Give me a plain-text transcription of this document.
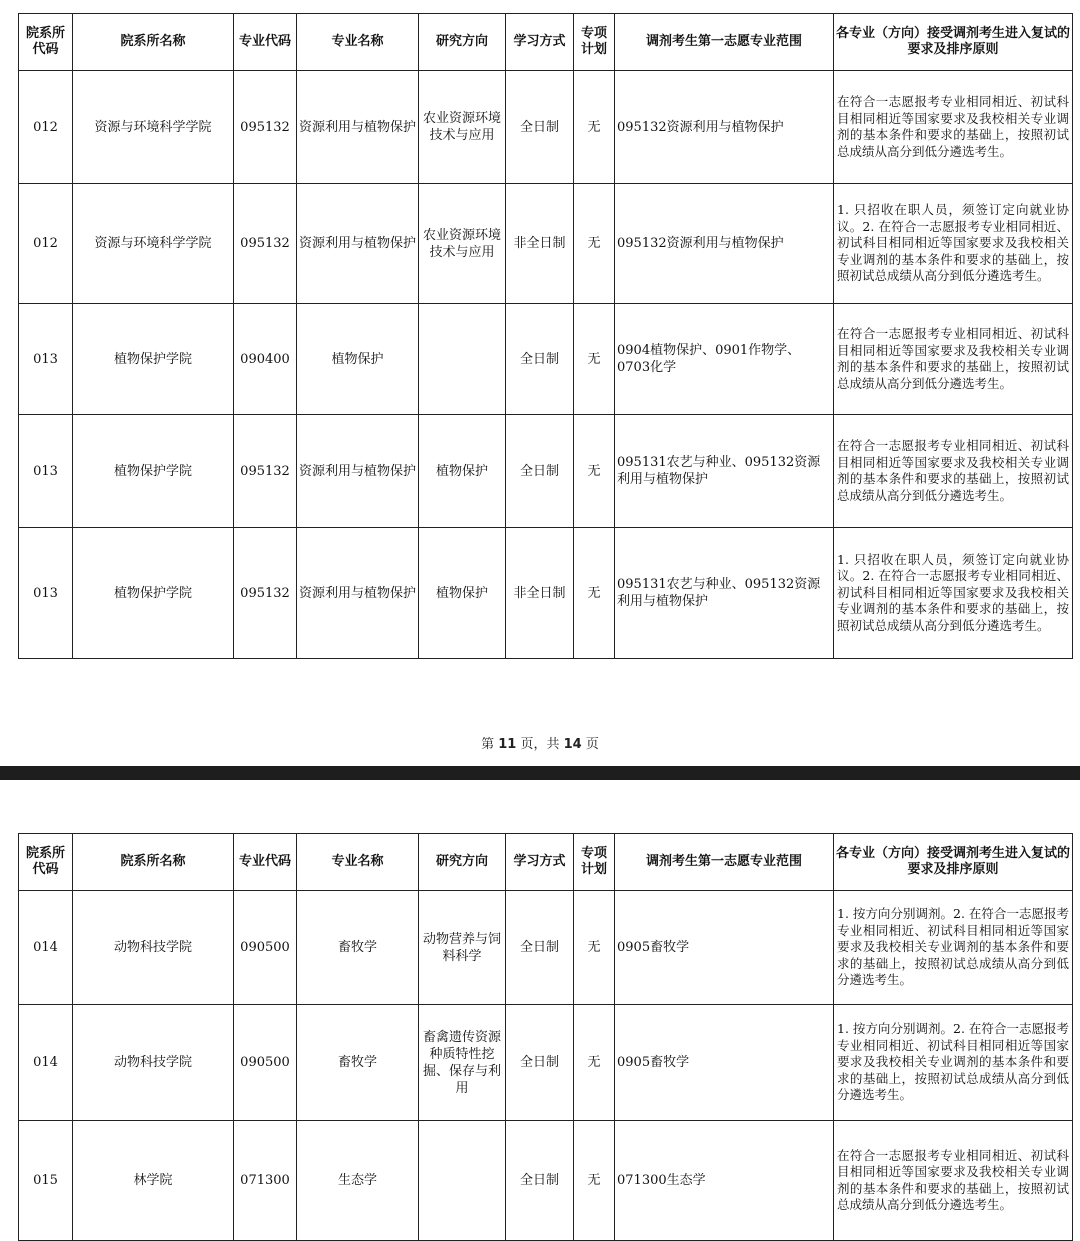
院系所代码	院系所名称	专业代码	专业名称	研究方向	学习方式	专项计划	调剂考生第一志愿专业范围	各专业（方向）接受调剂考生进入复试的要求及排序原则
012	资源与环境科学学院	095132	资源利用与植物保护	农业资源环境技术与应用	全日制	无	095132资源利用与植物保护	在符合一志愿报考专业相同相近、初试科目相同相近等国家要求及我校相关专业调剂的基本条件和要求的基础上，按照初试总成绩从高分到低分遴选考生。
012	资源与环境科学学院	095132	资源利用与植物保护	农业资源环境技术与应用	非全日制	无	095132资源利用与植物保护	1. 只招收在职人员，须签订定向就业协议。2. 在符合一志愿报考专业相同相近、初试科目相同相近等国家要求及我校相关专业调剂的基本条件和要求的基础上，按照初试总成绩从高分到低分遴选考生。
013	植物保护学院	090400	植物保护		全日制	无	0904植物保护、0901作物学、0703化学	在符合一志愿报考专业相同相近、初试科目相同相近等国家要求及我校相关专业调剂的基本条件和要求的基础上，按照初试总成绩从高分到低分遴选考生。
013	植物保护学院	095132	资源利用与植物保护	植物保护	全日制	无	095131农艺与种业、095132资源利用与植物保护	在符合一志愿报考专业相同相近、初试科目相同相近等国家要求及我校相关专业调剂的基本条件和要求的基础上，按照初试总成绩从高分到低分遴选考生。
013	植物保护学院	095132	资源利用与植物保护	植物保护	非全日制	无	095131农艺与种业、095132资源利用与植物保护	1. 只招收在职人员，须签订定向就业协议。2. 在符合一志愿报考专业相同相近、初试科目相同相近等国家要求及我校相关专业调剂的基本条件和要求的基础上，按照初试总成绩从高分到低分遴选考生。
第 11 页，共 14 页
院系所代码	院系所名称	专业代码	专业名称	研究方向	学习方式	专项计划	调剂考生第一志愿专业范围	各专业（方向）接受调剂考生进入复试的要求及排序原则
014	动物科技学院	090500	畜牧学	动物营养与饲料科学	全日制	无	0905畜牧学	1. 按方向分别调剂。2. 在符合一志愿报考专业相同相近、初试科目相同相近等国家要求及我校相关专业调剂的基本条件和要求的基础上，按照初试总成绩从高分到低分遴选考生。
014	动物科技学院	090500	畜牧学	畜禽遗传资源种质特性挖掘、保存与利用	全日制	无	0905畜牧学	1. 按方向分别调剂。2. 在符合一志愿报考专业相同相近、初试科目相同相近等国家要求及我校相关专业调剂的基本条件和要求的基础上，按照初试总成绩从高分到低分遴选考生。
015	林学院	071300	生态学		全日制	无	071300生态学	在符合一志愿报考专业相同相近、初试科目相同相近等国家要求及我校相关专业调剂的基本条件和要求的基础上，按照初试总成绩从高分到低分遴选考生。
